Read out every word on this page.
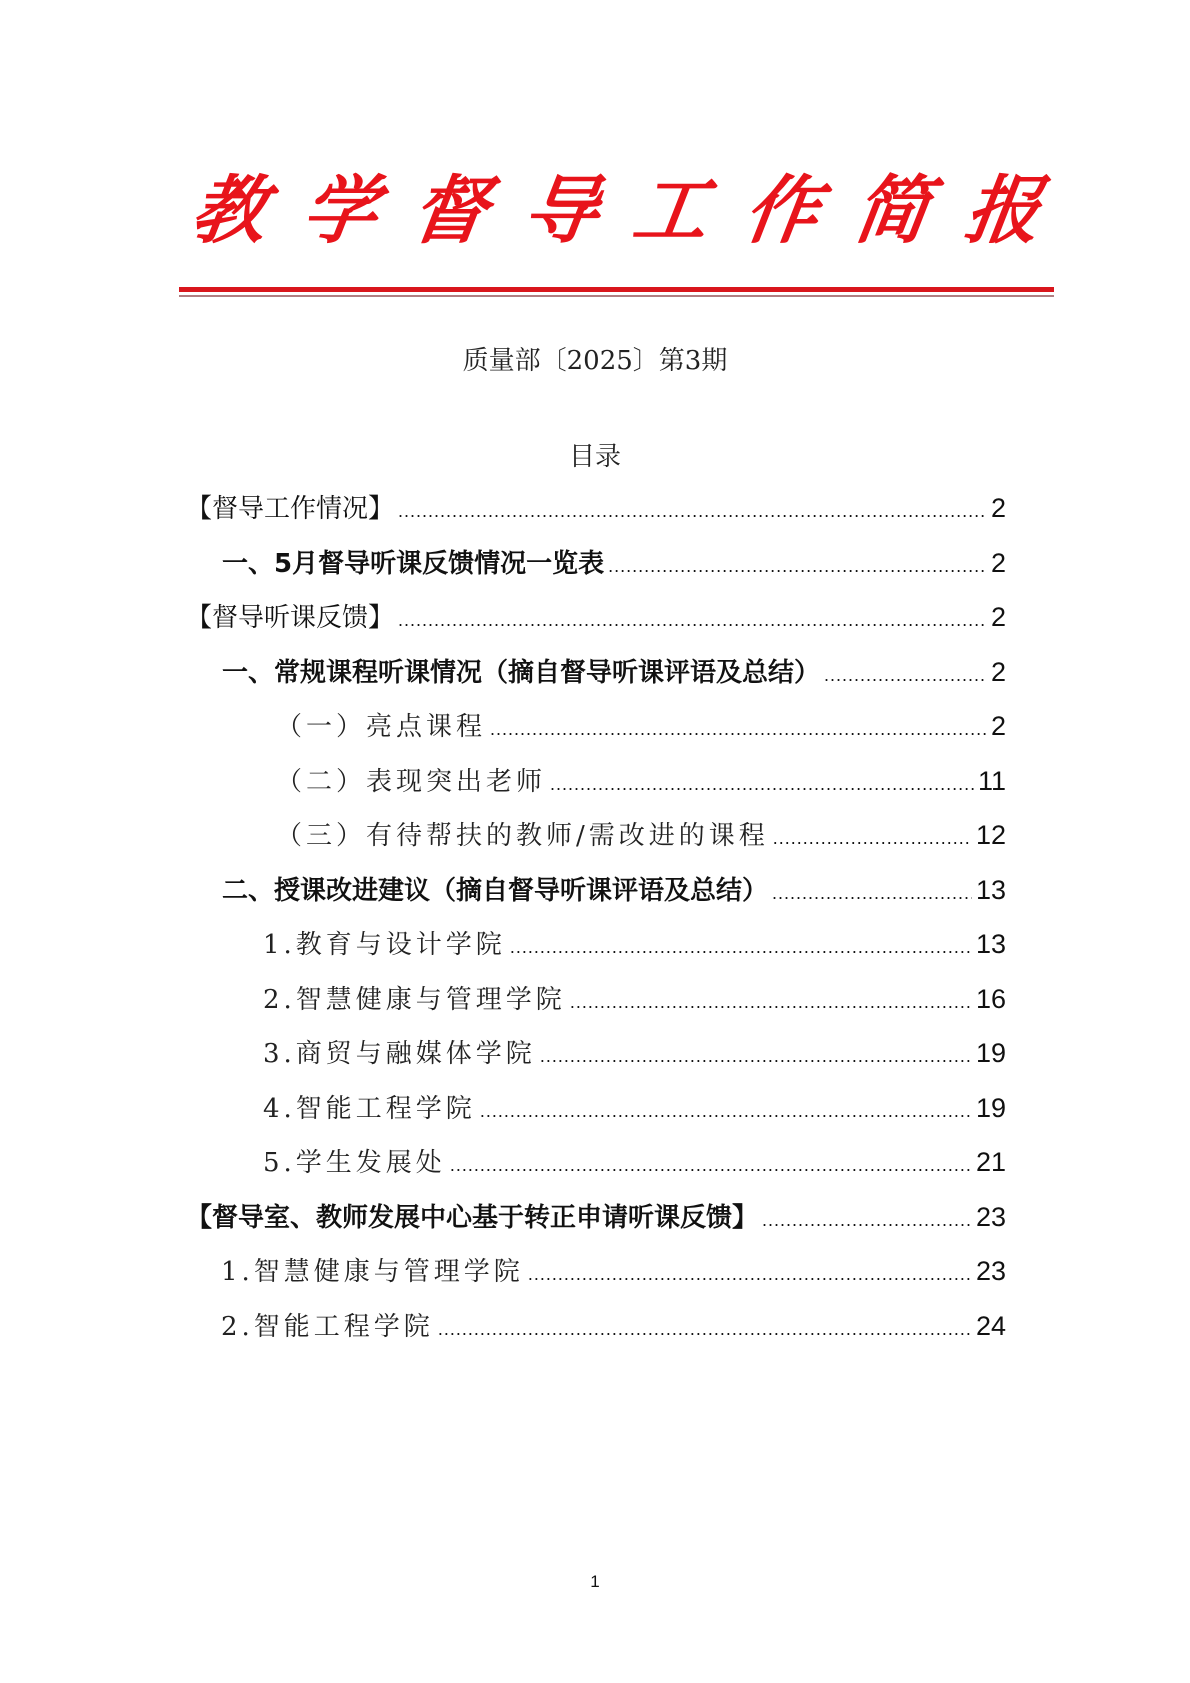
教 学 督 导 工 作 简 报
质量部〔2025〕第3期
目录
【督导工作情况】 .....	2
一、5月督导听课反馈情况一览表 .....	2
【督导听课反馈】 .....	2
一、常规课程听课情况（摘自督导听课评语及总结） .....	2
（一）亮点课程 .....	2
（二）表现突出老师 .....	11
（三）有待帮扶的教师/需改进的课程 .....	12
二、授课改进建议（摘自督导听课评语及总结） .....	13
1.教育与设计学院 .....	13
2.智慧健康与管理学院 .....	16
3.商贸与融媒体学院 .....	19
4.智能工程学院 .....	19
5.学生发展处 .....	21
【督导室、教师发展中心基于转正申请听课反馈】 .....	23
1.智慧健康与管理学院 .....	23
2.智能工程学院 .....	24
1
